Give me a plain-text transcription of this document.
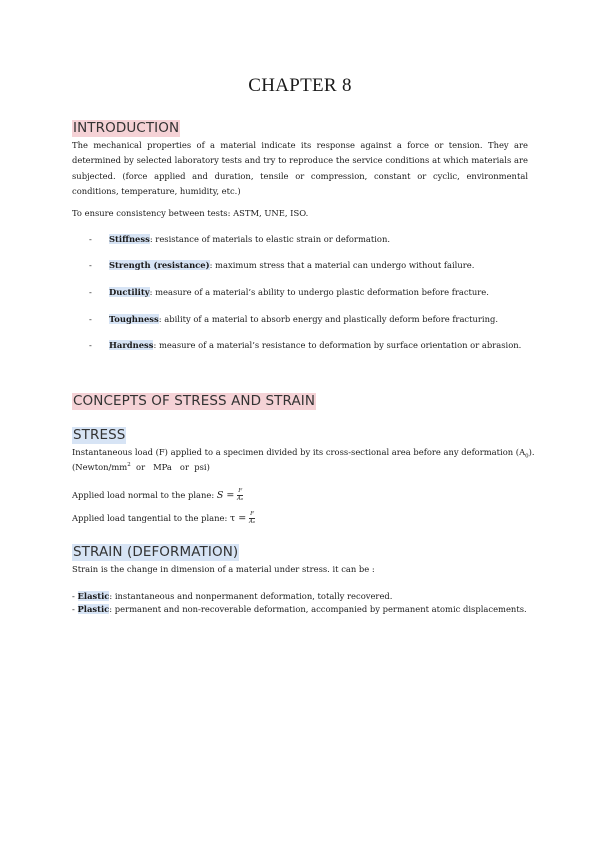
CHAPTER 8
INTRODUCTION

The mechanical properties of a material indicate its response against a force or tension. They are determined by selected laboratory tests and try to reproduce the service conditions at which materials are subjected. (force applied and duration, tensile or compression, constant or cyclic, environmental conditions, temperature, humidity, etc.)

To ensure consistency between tests: ASTM, UNE, ISO.
- Stiffness: resistance of materials to elastic strain or deformation.
- Strength (resistance): maximum stress that a material can undergo without failure.
- Ductility: measure of a material’s ability to undergo plastic deformation before fracture.
- Toughness: ability of a material to absorb energy and plastically deform before fracturing.
- Hardness: measure of a material’s resistance to deformation by surface orientation or abrasion.
CONCEPTS OF STRESS AND STRAIN
STRESS
Instantaneous load (F) applied to a specimen divided by its cross-sectional area before any deformation $(A_0)$.
($Newton/mm^2$  or   MPa   or  psi)
Applied load normal to the plane: $S = \frac{F}{\text{A₀}}$
Applied load tangential to the plane: $\tau = \frac{F}{\text{A₀}}$
STRAIN (DEFORMATION)
Strain is the change in dimension of a material under stress. it can be :
- Elastic: instantaneous and nonpermanent deformation, totally recovered.
- Plastic: permanent and non-recoverable deformation, accompanied by permanent atomic displacements.
